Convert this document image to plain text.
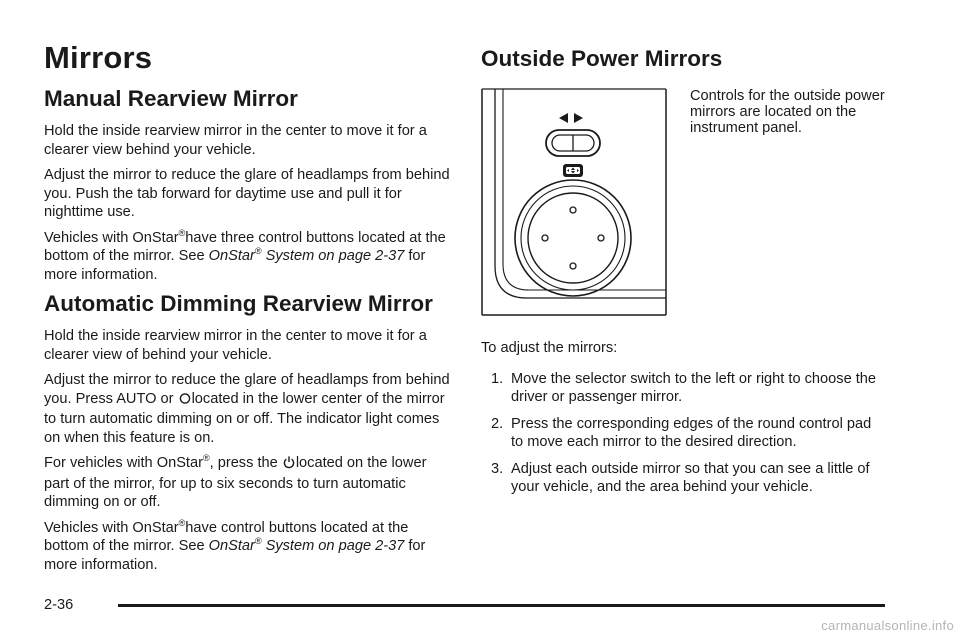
Mirrors
Manual Rearview Mirror

Hold the inside rearview mirror in the center to move it for a clearer view behind your vehicle.

Adjust the mirror to reduce the glare of headlamps from behind you. Push the tab forward for daytime use and pull it for nighttime use.

Vehicles with OnStar®have three control buttons located at the bottom of the mirror. See OnStar® System on page 2-37 for more information.

Automatic Dimming Rearview Mirror

Hold the inside rearview mirror in the center to move it for a clearer view of behind your vehicle.

Adjust the mirror to reduce the glare of headlamps from behind you. Press AUTO or located in the lower center of the mirror to turn automatic dimming on or off. The indicator light comes on when this feature is on.

For vehicles with OnStar®, press the located on the lower part of the mirror, for up to six seconds to turn automatic dimming on or off.

Vehicles with OnStar®have control buttons located at the bottom of the mirror. See OnStar® System on page 2-37 for more information.

Outside Power Mirrors

Controls for the outside power mirrors are located on the instrument panel.

To adjust the mirrors:

1. Move the selector switch to the left or right to choose the driver or passenger mirror.
2. Press the corresponding edges of the round control pad to move each mirror to the desired direction.
3. Adjust each outside mirror so that you can see a little of your vehicle, and the area behind your vehicle.
2-36
carmanualsonline.info
